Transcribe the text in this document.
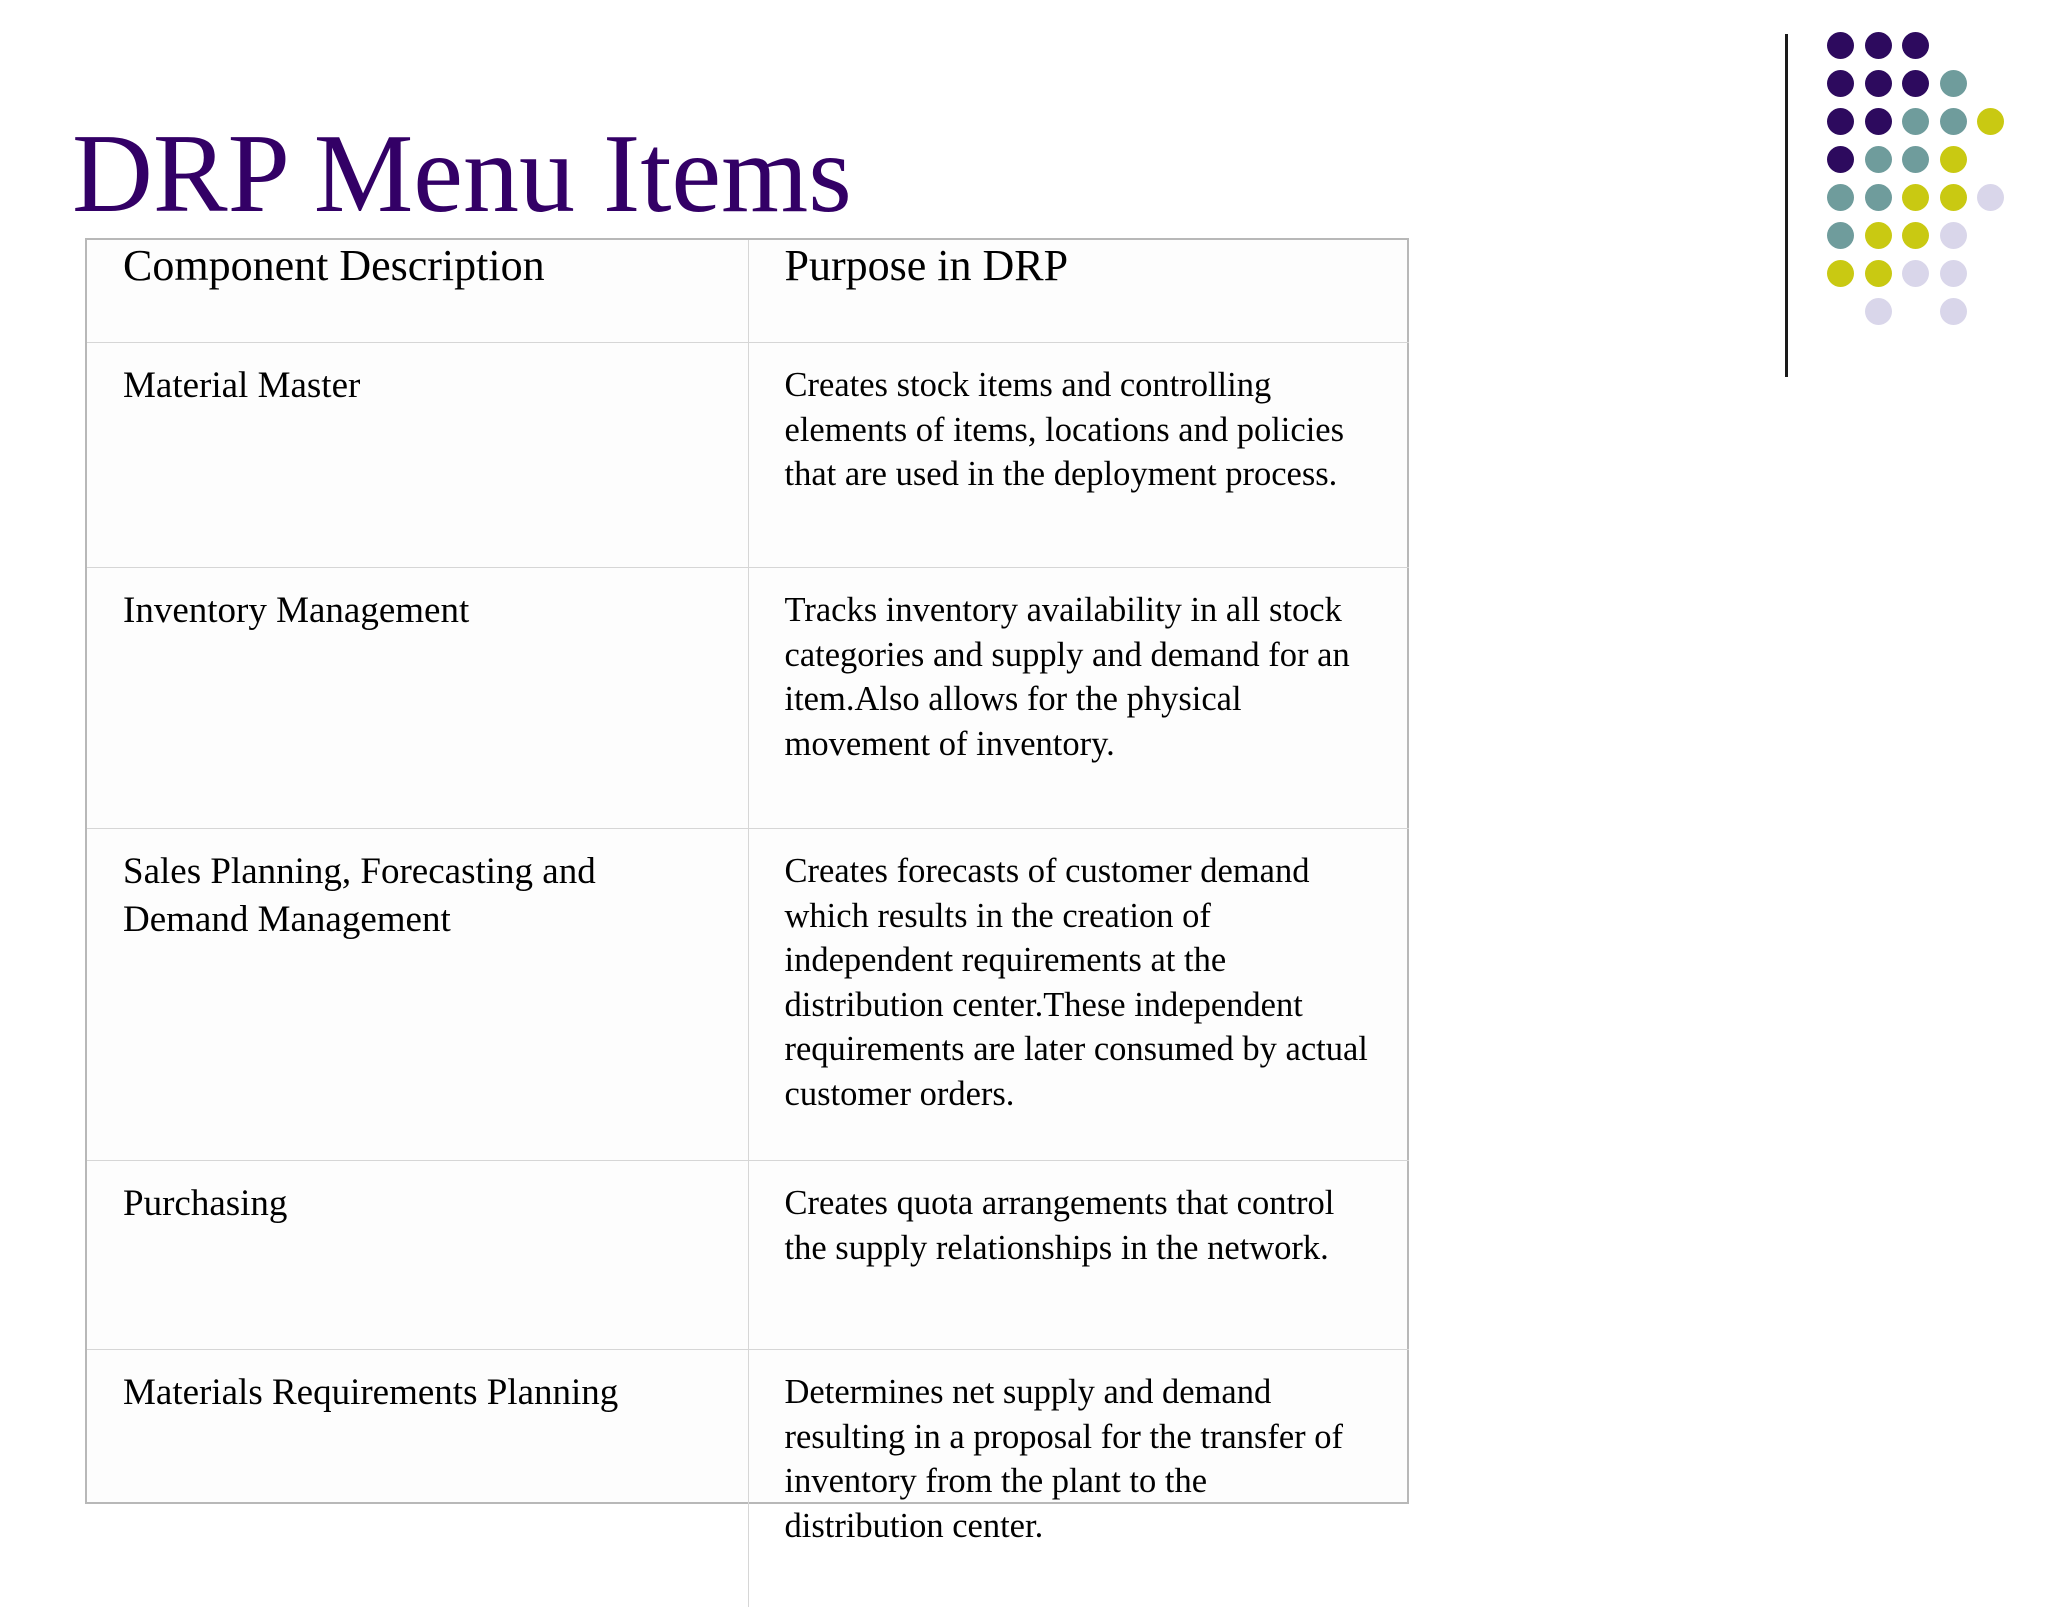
DRP Menu Items
Component Description	Purpose in DRP
Material Master	Creates stock items and controlling elements of items, locations and policies that are used in the deployment process.
Inventory Management	Tracks inventory availability in all stock categories and supply and demand for an item.Also allows for the physical movement of inventory.
Sales Planning, Forecasting and Demand Management	Creates forecasts of customer demand which results in the creation of independent requirements at the distribution center.These independent requirements are later consumed by actual customer orders.
Purchasing	Creates quota arrangements that control the supply relationships in the network.
Materials Requirements Planning	Determines net supply and demand resulting in a proposal for the transfer of inventory from the plant to the distribution center.
